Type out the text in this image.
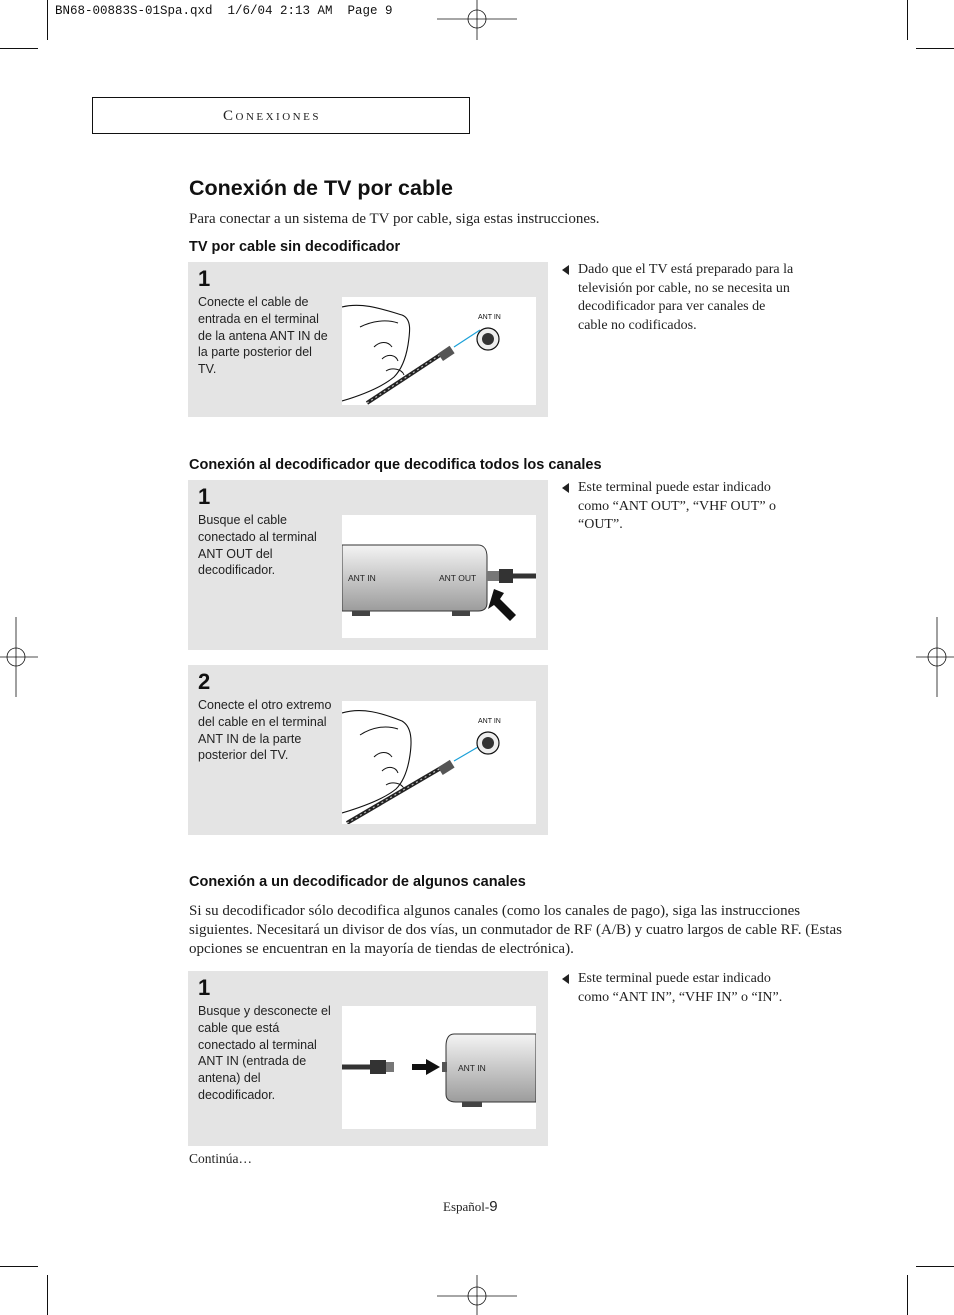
BN68-00883S-01Spa.qxd  1/6/04 2:13 AM  Page 9
Conexiones
Conexión de TV por cable
Para conectar a un sistema de TV por cable, siga estas instrucciones.
TV por cable sin decodificador
1
Conecte el cable de entrada en el terminal de la antena ANT IN de la parte posterior del TV.
ANT IN
Dado que el TV está preparado para la televisión por cable, no se necesita un decodificador para ver canales de cable no codificados.
Conexión al decodificador que decodifica todos los canales
1
Busque el cable conectado al terminal ANT OUT del decodificador.
ANT IN	ANT OUT
Este terminal puede estar indicado como “ANT OUT”, “VHF OUT” o “OUT”.
2
Conecte el otro extremo del cable en el terminal ANT IN de la parte posterior del TV.
ANT IN
Conexión a un decodificador de algunos canales
Si su decodificador sólo decodifica algunos canales (como los canales de pago), siga las instrucciones siguientes. Necesitará un divisor de dos vías, un conmutador de RF (A/B) y cuatro largos de cable RF. (Estas opciones se encuentran en la mayoría de tiendas de electrónica).
1
Busque y desconecte el cable que está conectado al terminal ANT IN (entrada de antena) del decodificador.
ANT IN
Este terminal puede estar indicado como “ANT IN”, “VHF IN” o “IN”.
Continúa…
Español-9
